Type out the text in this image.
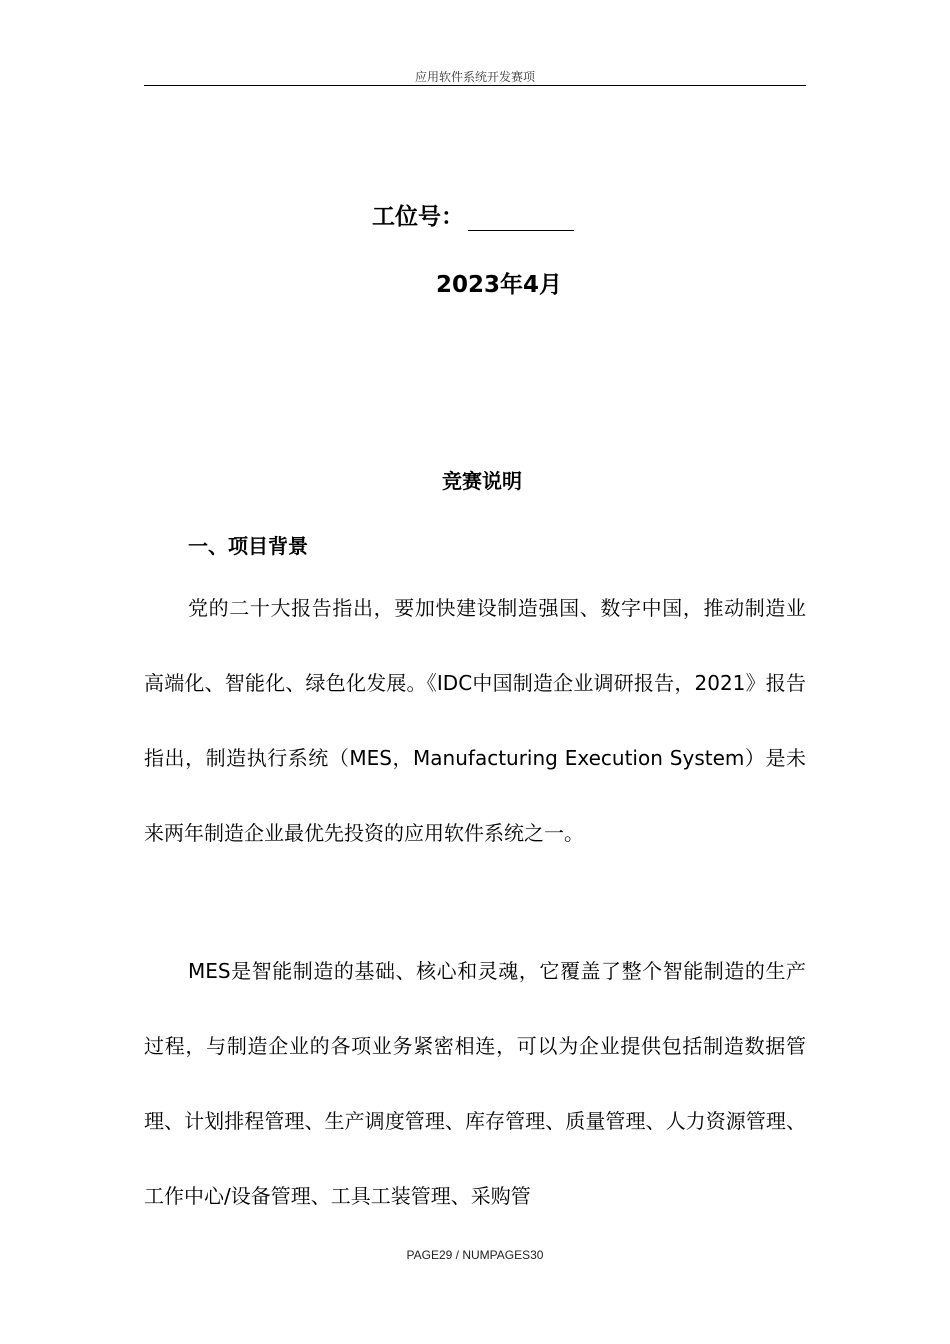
应用软件系统开发赛项
工位号：
2023年4月
竞赛说明
一、项目背景

党的二十大报告指出，要加快建设制造强国、数字中国，推动制造业高端化、智能化、绿色化发展。《IDC中国制造企业调研报告，2021》报告指出，制造执行系统（MES，Manufacturing Execution System）是未来两年制造企业最优先投资的应用软件系统之一。

MES是智能制造的基础、核心和灵魂，它覆盖了整个智能制造的生产过程，与制造企业的各项业务紧密相连，可以为企业提供包括制造数据管理、计划排程管理、生产调度管理、库存管理、质量管理、人力资源管理、工作中心/设备管理、工具工装管理、采购管

PAGE29 / NUMPAGES30
